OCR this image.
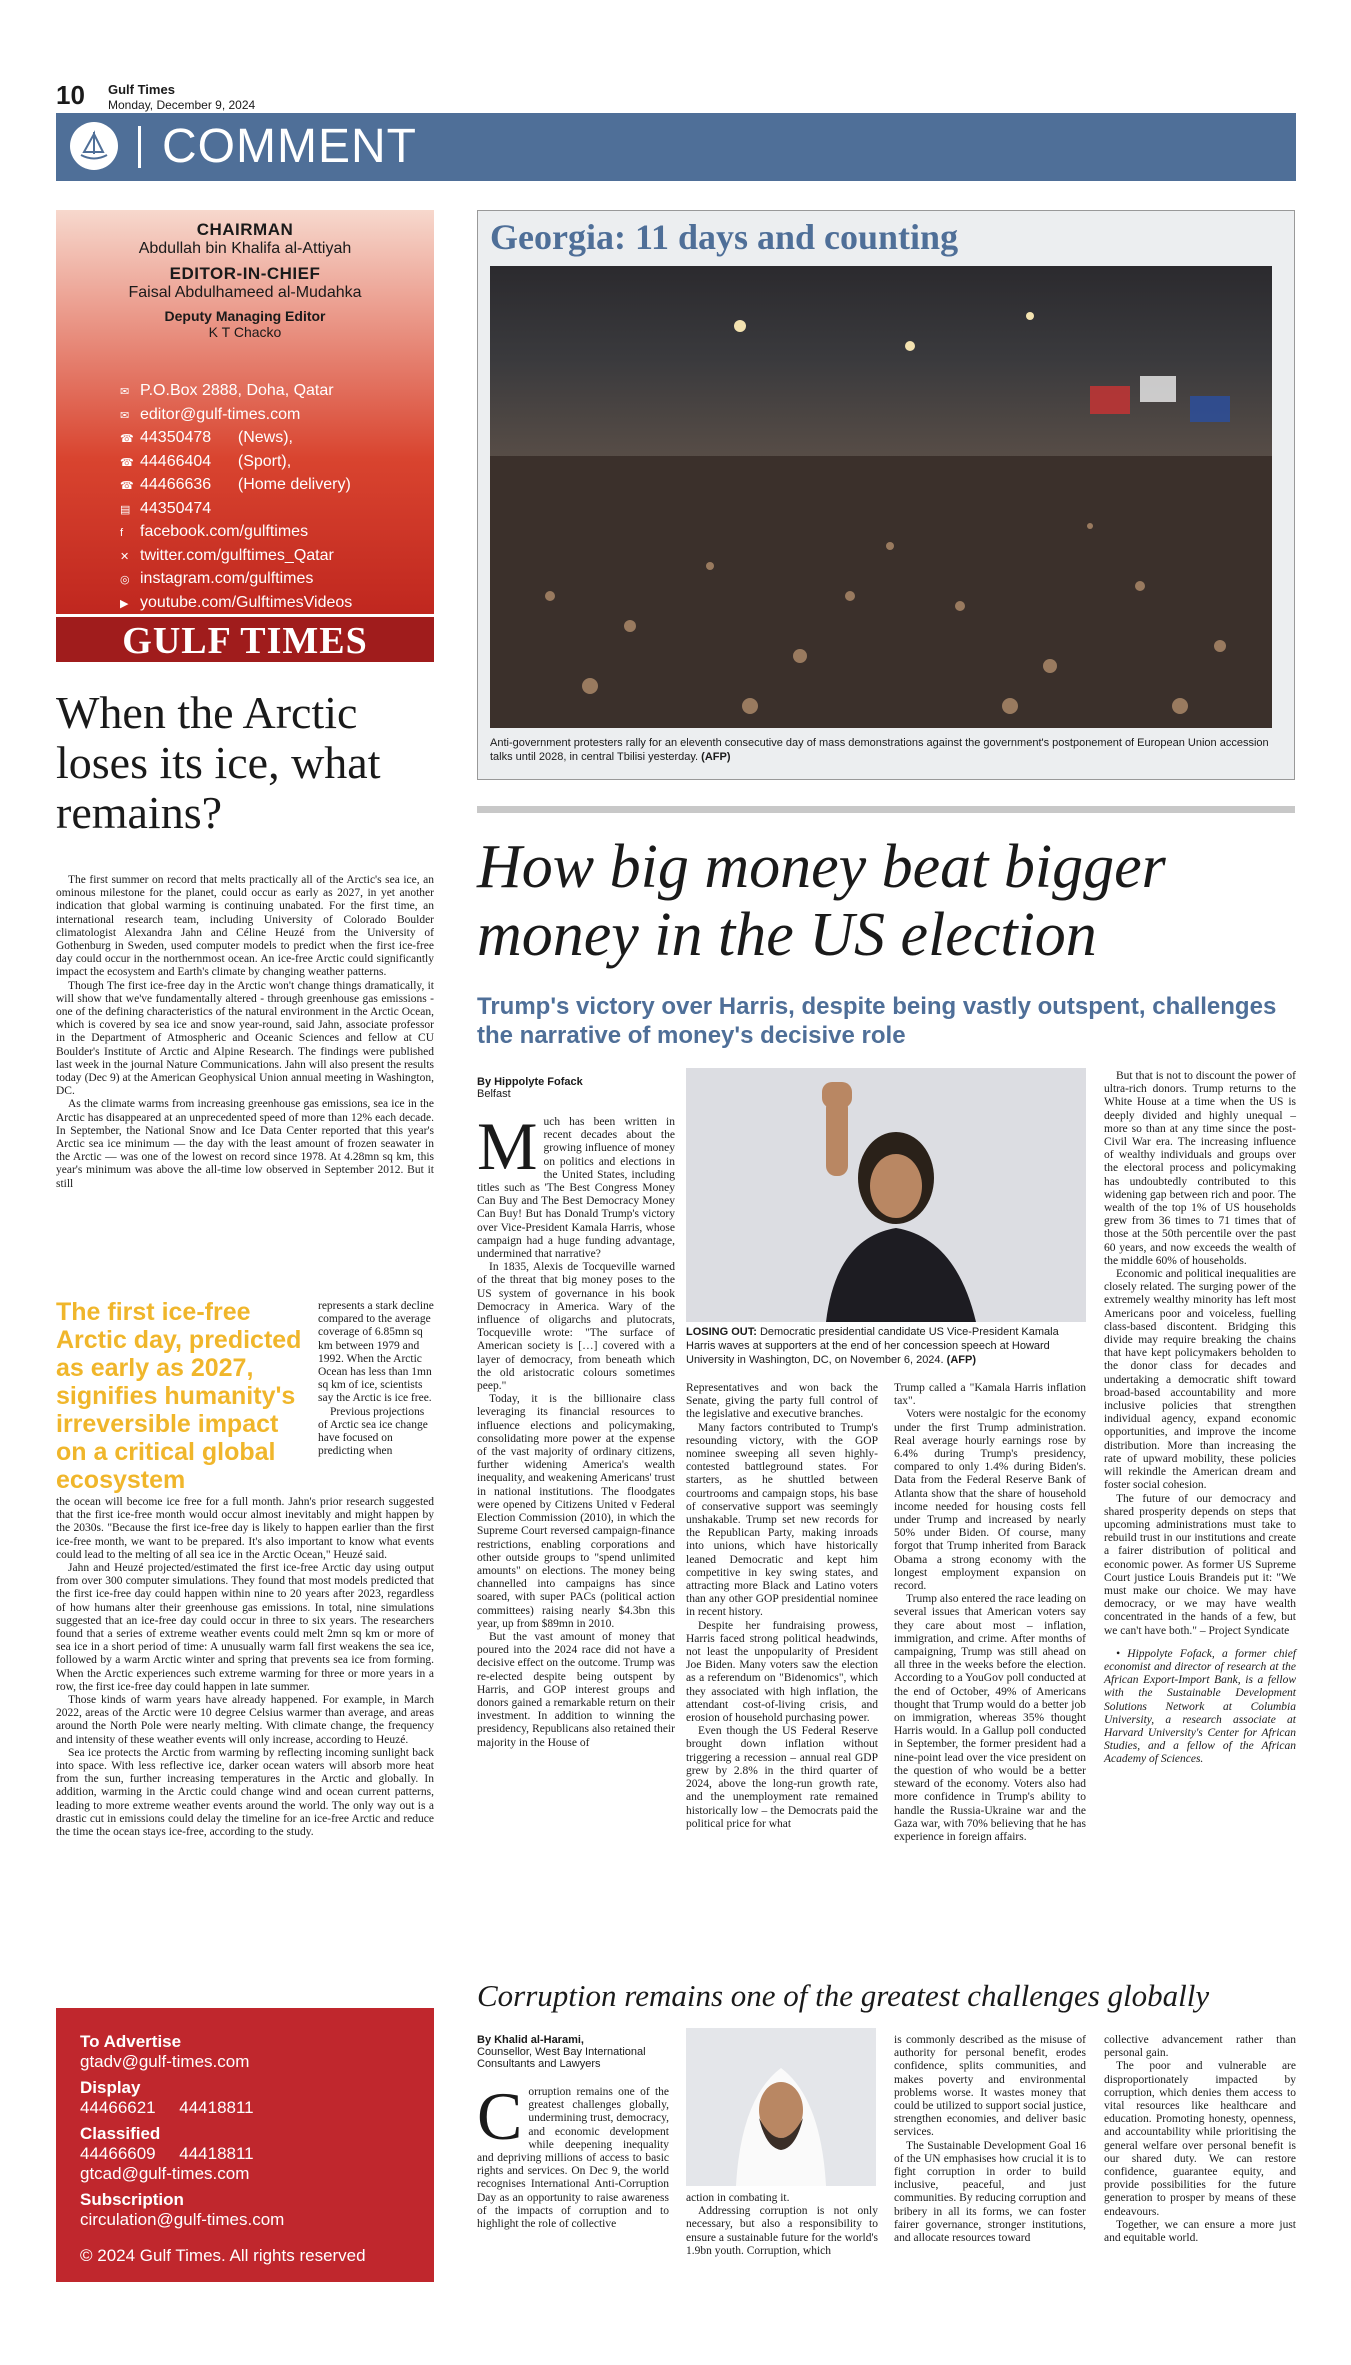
10 Gulf Times
Monday, December 9, 2024
COMMENT
CHAIRMAN
Abdullah bin Khalifa al-Attiyah
EDITOR-IN-CHIEF
Faisal Abdulhameed al-Mudahka
Deputy Managing Editor
K T Chacko
✉ P.O.Box 2888, Doha, Qatar
✉ editor@gulf-times.com
☎ 44350478      (News),
☎ 44466404      (Sport),
☎ 44466636      (Home delivery)
▤ 44350474
f facebook.com/gulftimes
✕ twitter.com/gulftimes_Qatar
◎ instagram.com/gulftimes
▶ youtube.com/GulftimesVideos
GULF TIMES
When the Arctic loses its ice, what remains?

The first summer on record that melts practically all of the Arctic's sea ice, an ominous milestone for the planet, could occur as early as 2027, in yet another indication that global warming is continuing unabated. For the first time, an international research team, including University of Colorado Boulder climatologist Alexandra Jahn and Céline Heuzé from the University of Gothenburg in Sweden, used computer models to predict when the first ice-free day could occur in the northernmost ocean. An ice-free Arctic could significantly impact the ecosystem and Earth's climate by changing weather patterns.

Though The first ice-free day in the Arctic won't change things dramatically, it will show that we've fundamentally altered - through greenhouse gas emissions - one of the defining characteristics of the natural environment in the Arctic Ocean, which is covered by sea ice and snow year-round, said Jahn, associate professor in the Department of Atmospheric and Oceanic Sciences and fellow at CU Boulder's Institute of Arctic and Alpine Research. The findings were published last week in the journal Nature Communications. Jahn will also present the results today (Dec 9) at the American Geophysical Union annual meeting in Washington, DC.

As the climate warms from increasing greenhouse gas emissions, sea ice in the Arctic has disappeared at an unprecedented speed of more than 12% each decade. In September, the National Snow and Ice Data Center reported that this year's Arctic sea ice minimum — the day with the least amount of frozen seawater in the Arctic — was one of the lowest on record since 1978. At 4.28mn sq km, this year's minimum was above the all-time low observed in September 2012. But it still

The first ice-free Arctic day, predicted as early as 2027, signifies humanity's irreversible impact on a critical global ecosystem

represents a stark decline compared to the average coverage of 6.85mn sq km between 1979 and 1992. When the Arctic Ocean has less than 1mn sq km of ice, scientists say the Arctic is ice free.

Previous projections of Arctic sea ice change have focused on predicting when

the ocean will become ice free for a full month. Jahn's prior research suggested that the first ice-free month would occur almost inevitably and might happen by the 2030s. "Because the first ice-free day is likely to happen earlier than the first ice-free month, we want to be prepared. It's also important to know what events could lead to the melting of all sea ice in the Arctic Ocean," Heuzé said.

Jahn and Heuzé projected/estimated the first ice-free Arctic day using output from over 300 computer simulations. They found that most models predicted that the first ice-free day could happen within nine to 20 years after 2023, regardless of how humans alter their greenhouse gas emissions. In total, nine simulations suggested that an ice-free day could occur in three to six years. The researchers found that a series of extreme weather events could melt 2mn sq km or more of sea ice in a short period of time: A unusually warm fall first weakens the sea ice, followed by a warm Arctic winter and spring that prevents sea ice from forming. When the Arctic experiences such extreme warming for three or more years in a row, the first ice-free day could happen in late summer.

Those kinds of warm years have already happened. For example, in March 2022, areas of the Arctic were 10 degree Celsius warmer than average, and areas around the North Pole were nearly melting. With climate change, the frequency and intensity of these weather events will only increase, according to Heuzé.

Sea ice protects the Arctic from warming by reflecting incoming sunlight back into space. With less reflective ice, darker ocean waters will absorb more heat from the sun, further increasing temperatures in the Arctic and globally. In addition, warming in the Arctic could change wind and ocean current patterns, leading to more extreme weather events around the world. The only way out is a drastic cut in emissions could delay the timeline for an ice-free Arctic and reduce the time the ocean stays ice-free, according to the study.

To Advertise
gtadv@gulf-times.com
Display
44466621     44418811
Classified
44466609     44418811
gtcad@gulf-times.com
Subscription
circulation@gulf-times.com
© 2024 Gulf Times. All rights reserved
Georgia: 11 days and counting
Anti-government protesters rally for an eleventh consecutive day of mass demonstrations against the government's postponement of European Union accession talks until 2028, in central Tbilisi yesterday. (AFP)
How big money beat bigger money in the US election
Trump's victory over Harris, despite being vastly outspent, challenges the narrative of money's decisive role
By Hippolyte Fofack
Belfast
M uch has been written in recent decades about the growing influence of money on politics and elections in the United States, including titles such as 'The Best Congress Money Can Buy and The Best Democracy Money Can Buy! But has Donald Trump's victory over Vice-President Kamala Harris, whose campaign had a huge funding advantage, undermined that narrative?

In 1835, Alexis de Tocqueville warned of the threat that big money poses to the US system of governance in his book Democracy in America. Wary of the influence of oligarchs and plutocrats, Tocqueville wrote: "The surface of American society is […] covered with a layer of democracy, from beneath which the old aristocratic colours sometimes peep."

Today, it is the billionaire class leveraging its financial resources to influence elections and policymaking, consolidating more power at the expense of the vast majority of ordinary citizens, further widening America's wealth inequality, and weakening Americans' trust in national institutions. The floodgates were opened by Citizens United v Federal Election Commission (2010), in which the Supreme Court reversed campaign-finance restrictions, enabling corporations and other outside groups to "spend unlimited amounts" on elections. The money being channelled into campaigns has since soared, with super PACs (political action committees) raising nearly $4.3bn this year, up from $89mn in 2010.

But the vast amount of money that poured into the 2024 race did not have a decisive effect on the outcome. Trump was re-elected despite being outspent by Harris, and GOP interest groups and donors gained a remarkable return on their investment. In addition to winning the presidency, Republicans also retained their majority in the House of

LOSING OUT: Democratic presidential candidate US Vice-President Kamala Harris waves at supporters at the end of her concession speech at Howard University in Washington, DC, on November 6, 2024. (AFP)

Representatives and won back the Senate, giving the party full control of the legislative and executive branches.

Many factors contributed to Trump's resounding victory, with the GOP nominee sweeping all seven highly-contested battleground states. For starters, as he shuttled between courtrooms and campaign stops, his base of conservative support was seemingly unshakable. Trump set new records for the Republican Party, making inroads into unions, which have historically leaned Democratic and kept him competitive in key swing states, and attracting more Black and Latino voters than any other GOP presidential nominee in recent history.

Despite her fundraising prowess, Harris faced strong political headwinds, not least the unpopularity of President Joe Biden. Many voters saw the election as a referendum on "Bidenomics", which they associated with high inflation, the attendant cost-of-living crisis, and erosion of household purchasing power.

Even though the US Federal Reserve brought down inflation without triggering a recession – annual real GDP grew by 2.8% in the third quarter of 2024, above the long-run growth rate, and the unemployment rate remained historically low – the Democrats paid the political price for what

Trump called a "Kamala Harris inflation tax".

Voters were nostalgic for the economy under the first Trump administration. Real average hourly earnings rose by 6.4% during Trump's presidency, compared to only 1.4% during Biden's. Data from the Federal Reserve Bank of Atlanta show that the share of household income needed for housing costs fell under Trump and increased by nearly 50% under Biden. Of course, many forgot that Trump inherited from Barack Obama a strong economy with the longest employment expansion on record.

Trump also entered the race leading on several issues that American voters say they care about most – inflation, immigration, and crime. After months of campaigning, Trump was still ahead on all three in the weeks before the election. According to a YouGov poll conducted at the end of October, 49% of Americans thought that Trump would do a better job on immigration, whereas 35% thought Harris would. In a Gallup poll conducted in September, the former president had a nine-point lead over the vice president on the question of who would be a better steward of the economy. Voters also had more confidence in Trump's ability to handle the Russia-Ukraine war and the Gaza war, with 70% believing that he has experience in foreign affairs.

But that is not to discount the power of ultra-rich donors. Trump returns to the White House at a time when the US is deeply divided and highly unequal – more so than at any time since the post-Civil War era. The increasing influence of wealthy individuals and groups over the electoral process and policymaking has undoubtedly contributed to this widening gap between rich and poor. The wealth of the top 1% of US households grew from 36 times to 71 times that of those at the 50th percentile over the past 60 years, and now exceeds the wealth of the middle 60% of households.

Economic and political inequalities are closely related. The surging power of the extremely wealthy minority has left most Americans poor and voiceless, fuelling class-based discontent. Bridging this divide may require breaking the chains that have kept policymakers beholden to the donor class for decades and undertaking a democratic shift toward broad-based accountability and more inclusive policies that strengthen individual agency, expand economic opportunities, and improve the income distribution. More than increasing the rate of upward mobility, these policies will rekindle the American dream and foster social cohesion.

The future of our democracy and shared prosperity depends on steps that upcoming administrations must take to rebuild trust in our institutions and create a fairer distribution of political and economic power. As former US Supreme Court justice Louis Brandeis put it: "We must make our choice. We may have democracy, or we may have wealth concentrated in the hands of a few, but we can't have both." – Project Syndicate

• Hippolyte Fofack, a former chief economist and director of research at the African Export-Import Bank, is a fellow with the Sustainable Development Solutions Network at Columbia University, a research associate at Harvard University's Center for African Studies, and a fellow of the African Academy of Sciences.

Corruption remains one of the greatest challenges globally
By Khalid al-Harami,
Counsellor, West Bay International Consultants and Lawyers
C orruption remains one of the greatest challenges globally, undermining trust, democracy, and economic development while deepening inequality and depriving millions of access to basic rights and services. On Dec 9, the world recognises International Anti-Corruption Day as an opportunity to raise awareness of the impacts of corruption and to highlight the role of collective

action in combating it.

Addressing corruption is not only necessary, but also a responsibility to ensure a sustainable future for the world's 1.9bn youth. Corruption, which

is commonly described as the misuse of authority for personal benefit, erodes confidence, splits communities, and makes poverty and environmental problems worse. It wastes money that could be utilized to support social justice, strengthen economies, and deliver basic services.

The Sustainable Development Goal 16 of the UN emphasises how crucial it is to fight corruption in order to build inclusive, peaceful, and just communities. By reducing corruption and bribery in all its forms, we can foster fairer governance, stronger institutions, and allocate resources toward

collective advancement rather than personal gain.

The poor and vulnerable are disproportionately impacted by corruption, which denies them access to vital resources like healthcare and education. Promoting honesty, openness, and accountability while prioritising the general welfare over personal benefit is our shared duty. We can restore confidence, guarantee equity, and provide possibilities for the future generation to prosper by means of these endeavours.

Together, we can ensure a more just and equitable world.
